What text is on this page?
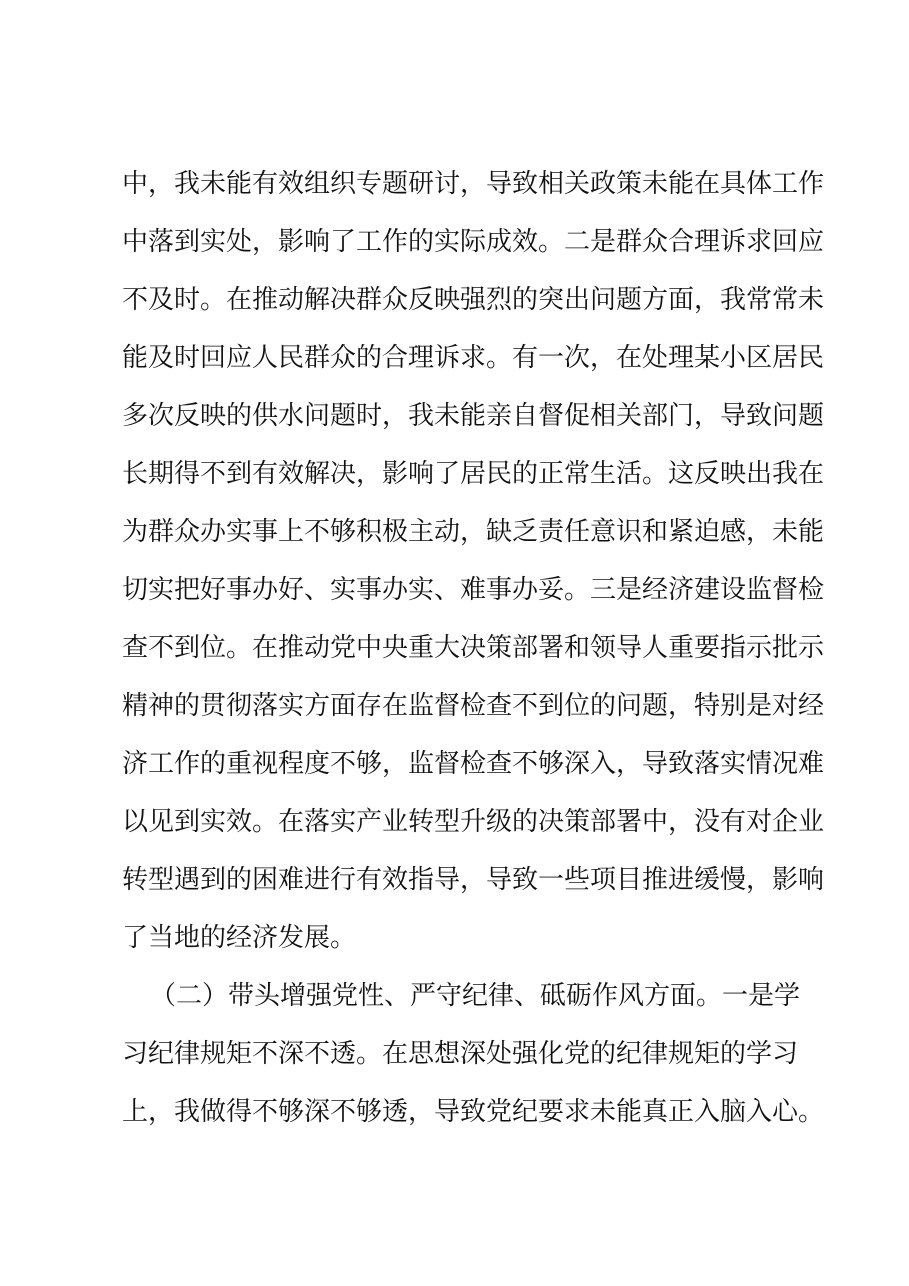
中，我未能有效组织专题研讨，导致相关政策未能在具体工作
中落到实处，影响了工作的实际成效。二是群众合理诉求回应
不及时。在推动解决群众反映强烈的突出问题方面，我常常未
能及时回应人民群众的合理诉求。有一次，在处理某小区居民
多次反映的供水问题时，我未能亲自督促相关部门，导致问题
长期得不到有效解决，影响了居民的正常生活。这反映出我在
为群众办实事上不够积极主动，缺乏责任意识和紧迫感，未能
切实把好事办好、实事办实、难事办妥。三是经济建设监督检
查不到位。在推动党中央重大决策部署和领导人重要指示批示
精神的贯彻落实方面存在监督检查不到位的问题，特别是对经
济工作的重视程度不够，监督检查不够深入，导致落实情况难
以见到实效。在落实产业转型升级的决策部署中，没有对企业
转型遇到的困难进行有效指导，导致一些项目推进缓慢，影响
了当地的经济发展。
（二）带头增强党性、严守纪律、砥砺作风方面。一是学
习纪律规矩不深不透。在思想深处强化党的纪律规矩的学习
上，我做得不够深不够透，导致党纪要求未能真正入脑入心。
